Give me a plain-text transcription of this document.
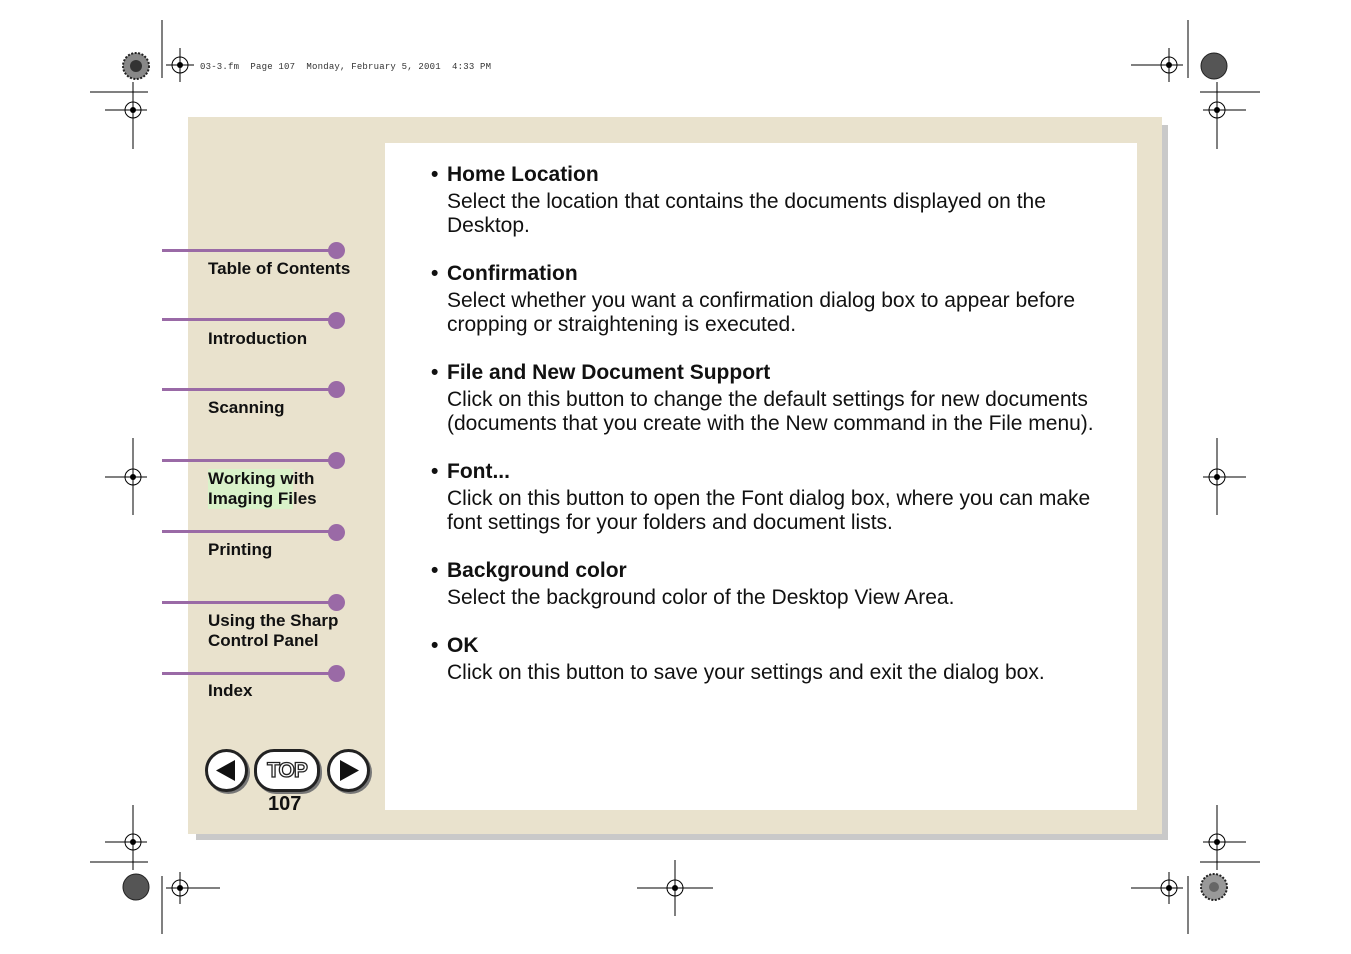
03-3.fm  Page 107  Monday, February 5, 2001  4:33 PM
Table of Contents
Introduction
Scanning
Working with
Imaging Files
Printing
Using the Sharp
Control Panel
Index
• Home Location
Select the location that contains the documents displayed on the Desktop.
• Confirmation
Select whether you want a confirmation dialog box to appear before cropping or straightening is executed.
• File and New Document Support
Click on this button to change the default settings for new documents (documents that you create with the New command in the File menu).
• Font...
Click on this button to open the Font dialog box, where you can make font settings for your folders and document lists.
• Background color
Select the background color of the Desktop View Area.
• OK
Click on this button to save your settings and exit the dialog box.
TOP
107
